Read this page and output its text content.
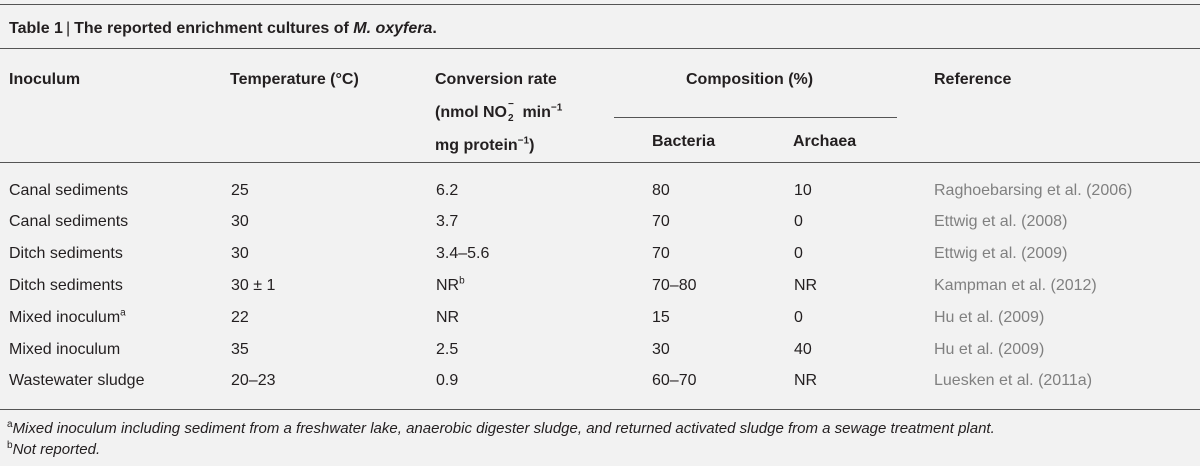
Table 1 | The reported enrichment cultures of M. oxyfera.
Inoculum	Temperature (°C)	Conversion rate
(nmol NO −
2 $\min^{-1}$
mg protein$^{-1}$)
Composition (%)
Bacteria	Archaea
Reference
Canal sediments	25	6.2	80	10	Raghoebarsing et al. (2006)
Canal sediments	30	3.7	70	0	Ettwig et al. (2008)
Ditch sediments	30	3.4–5.6	70	0	Ettwig et al. (2009)
Ditch sediments	30 ± 1	$NR^b$	70–80	NR	Kampman et al. (2012)
Mixed inoculum$^a$	22	NR	15	0	Hu et al. (2009)
Mixed inoculum	35	2.5	30	40	Hu et al. (2009)
Wastewater sludge	20–23	0.9	60–70	NR	Luesken et al. (2011a)
$^a$Mixed inoculum including sediment from a freshwater lake, anaerobic digester sludge, and returned activated sludge from a sewage treatment plant.
$^b$Not reported.
